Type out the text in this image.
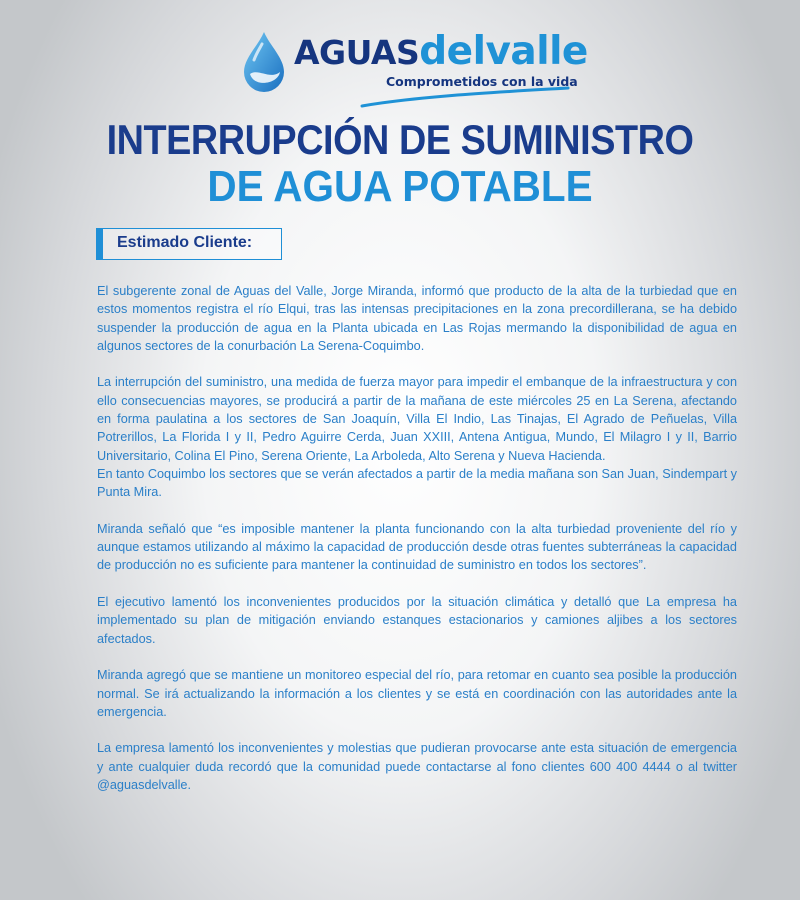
AGUASdelvalle
Comprometidos con la vida
INTERRUPCIÓN DE SUMINISTRO
DE AGUA POTABLE
Estimado Cliente:

El subgerente zonal de Aguas del Valle, Jorge Miranda, informó que producto de la alta de la turbiedad que en estos momentos registra el río Elqui, tras las intensas precipitaciones en la zona precordillerana, se ha debido suspender la producción de agua en la Planta ubicada en Las Rojas mermando la disponibilidad de agua en algunos sectores de la conurbación La Serena-Coquimbo.

La interrupción del suministro, una medida de fuerza mayor para impedir el embanque de la infraestructura y con ello consecuencias mayores, se producirá a partir de la mañana de este miércoles 25 en La Serena, afectando en forma paulatina a los sectores de San Joaquín, Villa El Indio, Las Tinajas, El Agrado de Peñuelas, Villa Potrerillos, La Florida I y II, Pedro Aguirre Cerda, Juan XXIII, Antena Antigua, Mundo, El Milagro I y II, Barrio Universitario, Colina El Pino, Serena Oriente, La Arboleda, Alto Serena y Nueva Hacienda.

En tanto Coquimbo los sectores que se verán afectados a partir de la media mañana son San Juan, Sindempart y Punta Mira.

Miranda señaló que “es imposible mantener la planta funcionando con la alta turbiedad proveniente del río y aunque estamos utilizando al máximo la capacidad de producción desde otras fuentes subterráneas la capacidad de producción no es suficiente para mantener la continuidad de suministro en todos los sectores”.

El ejecutivo lamentó los inconvenientes producidos por la situación climática y detalló que La empresa ha implementado su plan de mitigación enviando estanques estacionarios y camiones aljibes a los sectores afectados.

Miranda agregó que se mantiene un monitoreo especial del río, para retomar en cuanto sea posible la producción normal. Se irá actualizando la información a los clientes y se está en coordinación con las autoridades ante la emergencia.

La empresa lamentó los inconvenientes y molestias que pudieran provocarse ante esta situación de emergencia y ante cualquier duda recordó que la comunidad puede contactarse al fono clientes 600 400 4444 o al twitter @aguasdelvalle.
